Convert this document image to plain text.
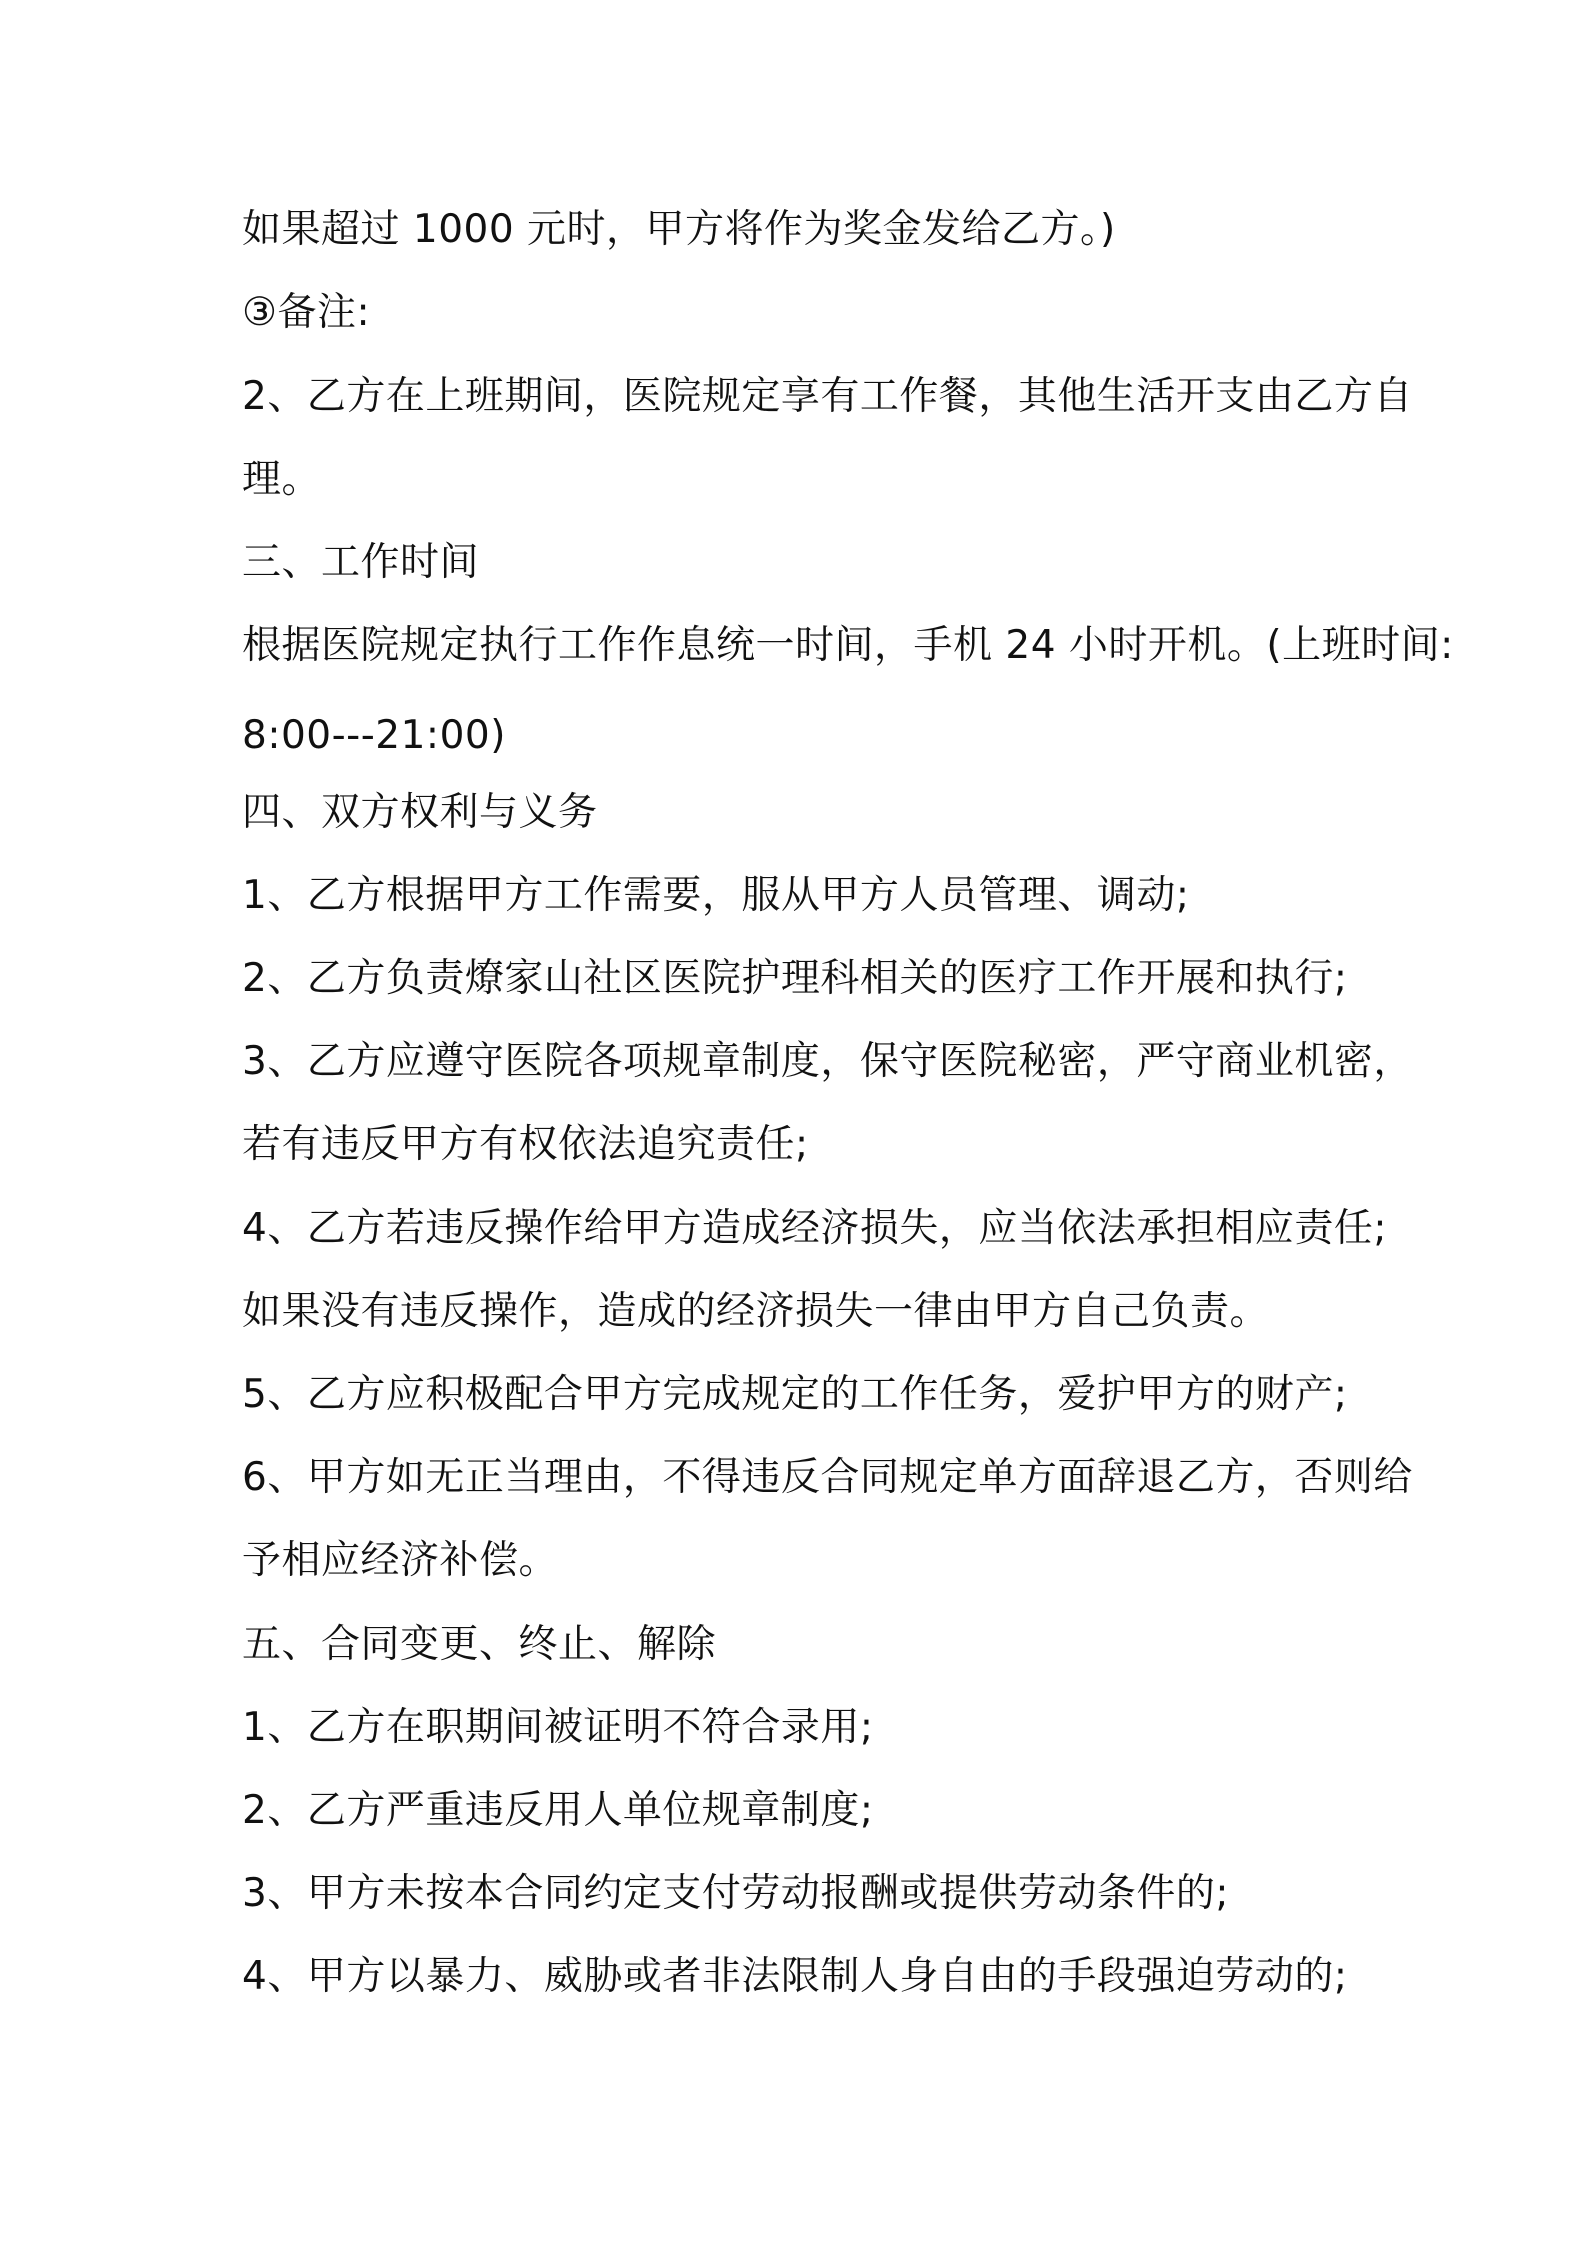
如果超过 1000 元时，甲方将作为奖金发给乙方。)
③备注:
2、乙方在上班期间，医院规定享有工作餐，其他生活开支由乙方自
理。
三、工作时间
根据医院规定执行工作作息统一时间，手机 24 小时开机。(上班时间:
8:00---21:00)
四、双方权利与义务
1、乙方根据甲方工作需要，服从甲方人员管理、调动;
2、乙方负责燎家山社区医院护理科相关的医疗工作开展和执行;
3、乙方应遵守医院各项规章制度，保守医院秘密，严守商业机密，
若有违反甲方有权依法追究责任;
4、乙方若违反操作给甲方造成经济损失，应当依法承担相应责任;
如果没有违反操作，造成的经济损失一律由甲方自己负责。
5、乙方应积极配合甲方完成规定的工作任务，爱护甲方的财产;
6、甲方如无正当理由，不得违反合同规定单方面辞退乙方，否则给
予相应经济补偿。
五、合同变更、终止、解除
1、乙方在职期间被证明不符合录用;
2、乙方严重违反用人单位规章制度;
3、甲方未按本合同约定支付劳动报酬或提供劳动条件的;
4、甲方以暴力、威胁或者非法限制人身自由的手段强迫劳动的;
